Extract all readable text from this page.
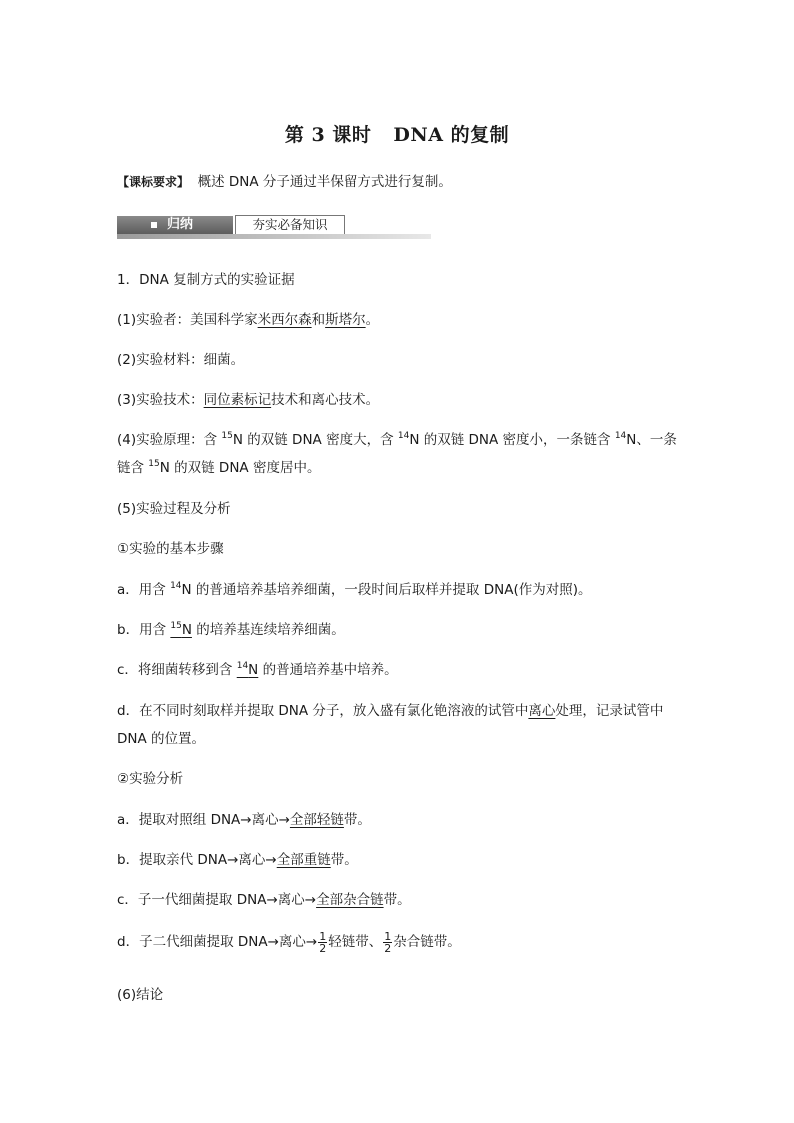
第 3 课时 DNA 的复制
【课标要求】 概述 DNA 分子通过半保留方式进行复制。
归纳	夯实必备知识
1．DNA 复制方式的实验证据
(1)实验者：美国科学家米西尔森和斯塔尔。
(2)实验材料：细菌。
(3)实验技术：同位素标记技术和离心技术。
(4)实验原理：含 $^{15}$N 的双链 DNA 密度大，含 $^{14}$N 的双链 DNA 密度小，一条链含 $^{14}$N、一条
链含 $^{15}$N 的双链 DNA 密度居中。
(5)实验过程及分析
①实验的基本步骤
a．用含 $^{14}$N 的普通培养基培养细菌，一段时间后取样并提取 DNA(作为对照)。
b．用含 $^{15}$N 的培养基连续培养细菌。
c．将细菌转移到含 $^{14}$N 的普通培养基中培养。
d．在不同时刻取样并提取 DNA 分子，放入盛有氯化铯溶液的试管中离心处理，记录试管中
DNA 的位置。
②实验分析
a．提取对照组 DNA→离心→全部轻链带。
b．提取亲代 DNA→离心→全部重链带。
c．子一代细菌提取 DNA→离心→全部杂合链带。
d．子二代细菌提取 DNA→离心→ $\frac{1}{2}$ 轻链带、 $\frac{1}{2}$ 杂合链带。
(6)结论
